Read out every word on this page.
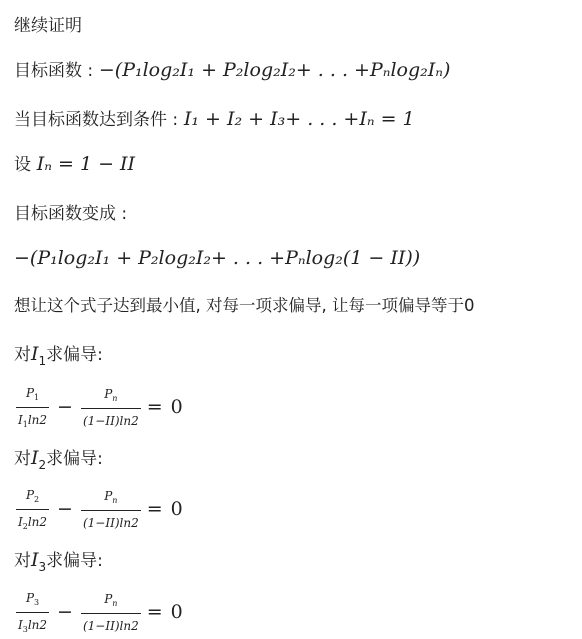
继续证明
目标函数 : −(P₁log₂I₁ + P₂log₂I₂+ . . . +Pₙlog₂Iₙ)
当目标函数达到条件 : I₁ + I₂ + I₃+ . . . +Iₙ = 1
设 Iₙ = 1 − II
目标函数变成 :
−(P₁log₂I₁ + P₂log₂I₂+ . . . +Pₙlog₂(1 − II))
想让这个式子达到最小值, 对每一项求偏导, 让每一项偏导等于0
对$I_1$求偏导:
$\frac{P_1}{I_1\ln 2} - \frac{P_n}{(1-II)\ln 2} = 0$
对$I_2$求偏导:
$\frac{P_2}{I_2\ln 2} - \frac{P_n}{(1-II)\ln 2} = 0$
对$I_3$求偏导:
$\frac{P_3}{I_3\ln 2} - \frac{P_n}{(1-II)\ln 2} = 0$
